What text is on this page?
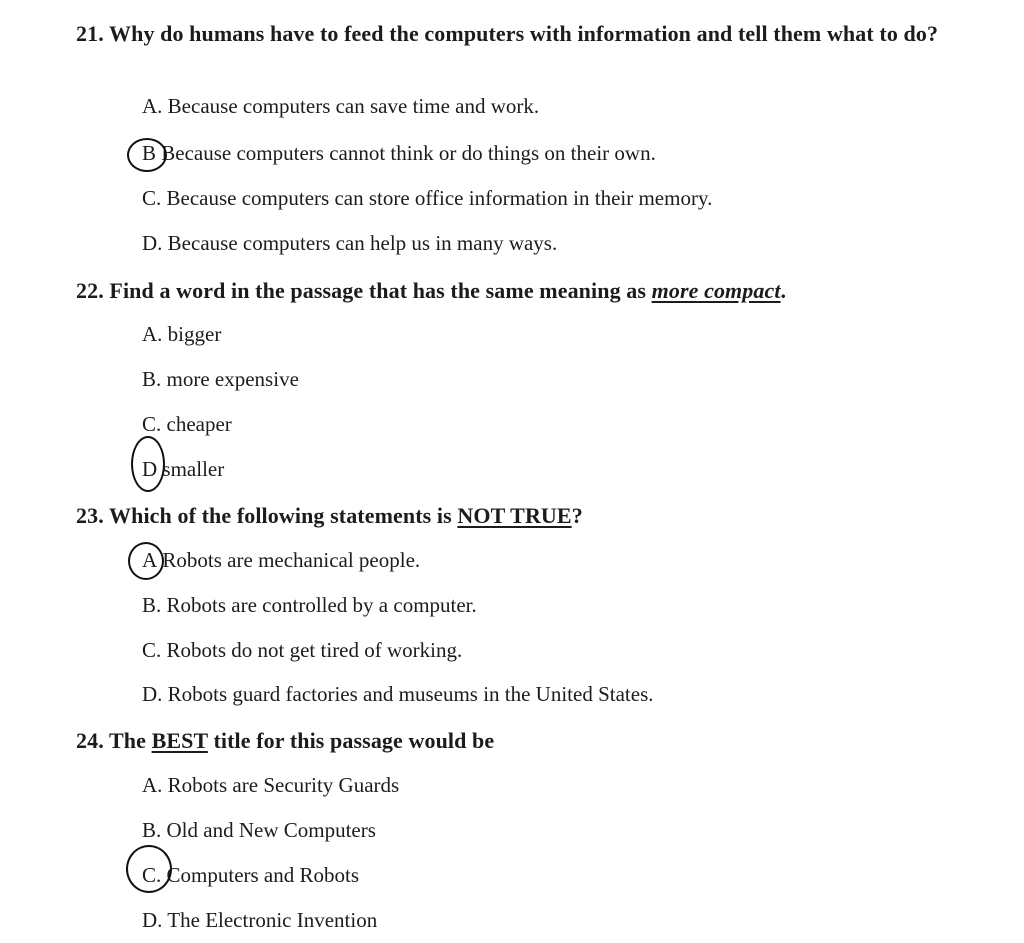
21. Why do humans have to feed the computers with information and tell them what to do?
A. Because computers can save time and work.
B Because computers cannot think or do things on their own.
C. Because computers can store office information in their memory.
D. Because computers can help us in many ways.
22. Find a word in the passage that has the same meaning as more compact.
A. bigger
B. more expensive
C. cheaper
D smaller
23. Which of the following statements is NOT TRUE?
A Robots are mechanical people.
B. Robots are controlled by a computer.
C. Robots do not get tired of working.
D. Robots guard factories and museums in the United States.
24. The BEST title for this passage would be
A. Robots are Security Guards
B. Old and New Computers
C. Computers and Robots
D. The Electronic Invention
